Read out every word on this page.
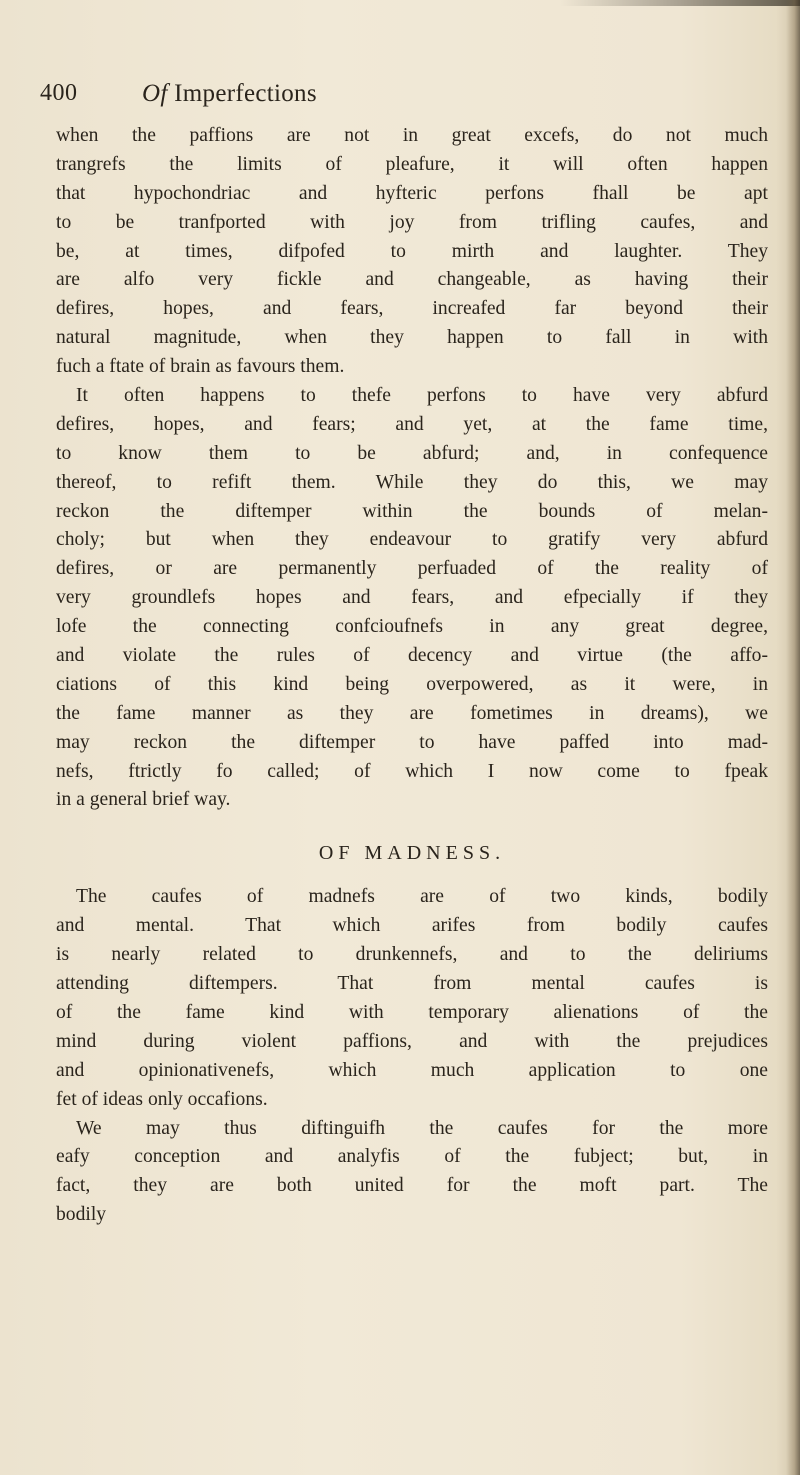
400	Of Imperfections
when the paffions are not in great excefs, do not much
trangrefs the limits of pleafure, it will often happen
that hypochondriac and hyfteric perfons fhall be apt
to be tranfported with joy from trifling caufes, and
be, at times, difpofed to mirth and laughter. They
are alfo very fickle and changeable, as having their
defires, hopes, and fears, increafed far beyond their
natural magnitude, when they happen to fall in with
fuch a ftate of brain as favours them.
It often happens to thefe perfons to have very abfurd
defires, hopes, and fears; and yet, at the fame time,
to know them to be abfurd; and, in confequence
thereof, to refift them. While they do this, we may
reckon the diftemper within the bounds of melan-
choly; but when they endeavour to gratify very abfurd
defires, or are permanently perfuaded of the reality of
very groundlefs hopes and fears, and efpecially if they
lofe the connecting confcioufnefs in any great degree,
and violate the rules of decency and virtue (the affo-
ciations of this kind being overpowered, as it were, in
the fame manner as they are fometimes in dreams), we
may reckon the diftemper to have paffed into mad-
nefs, ftrictly fo called; of which I now come to fpeak
in a general brief way.
OF MADNESS.
The caufes of madnefs are of two kinds, bodily
and mental. That which arifes from bodily caufes
is nearly related to drunkennefs, and to the deliriums
attending diftempers. That from mental caufes is
of the fame kind with temporary alienations of the
mind during violent paffions, and with the prejudices
and opinionativenefs, which much application to one
fet of ideas only occafions.
We may thus diftinguifh the caufes for the more
eafy conception and analyfis of the fubject; but, in
fact, they are both united for the moft part. The
bodily
